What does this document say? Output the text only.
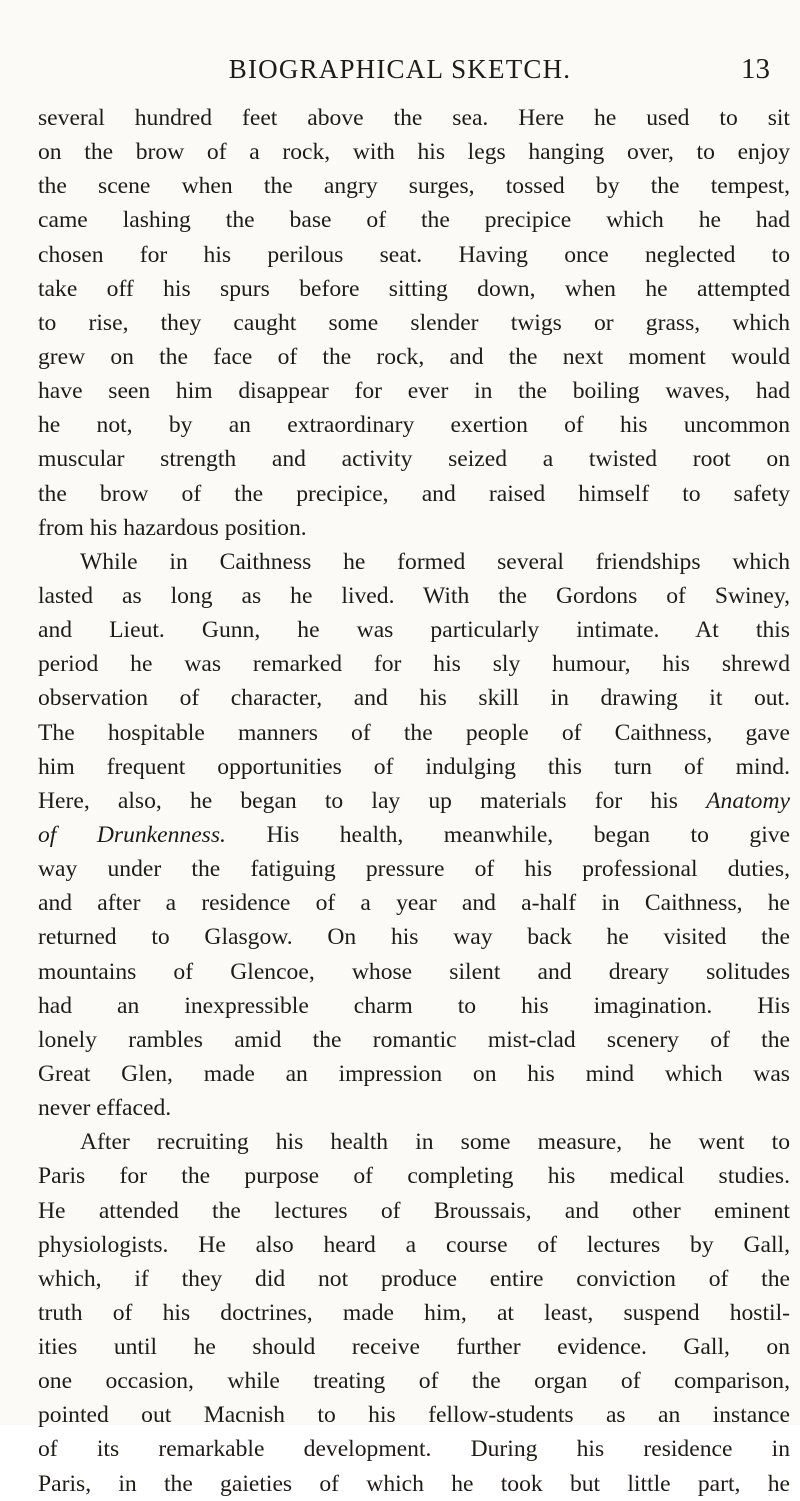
BIOGRAPHICAL SKETCH.	13
several hundred feet above the sea. Here he used to sit
on the brow of a rock, with his legs hanging over, to enjoy
the scene when the angry surges, tossed by the tempest,
came lashing the base of the precipice which he had
chosen for his perilous seat. Having once neglected to
take off his spurs before sitting down, when he attempted
to rise, they caught some slender twigs or grass, which
grew on the face of the rock, and the next moment would
have seen him disappear for ever in the boiling waves, had
he not, by an extraordinary exertion of his uncommon
muscular strength and activity seized a twisted root on
the brow of the precipice, and raised himself to safety
from his hazardous position.
While in Caithness he formed several friendships which
lasted as long as he lived. With the Gordons of Swiney,
and Lieut. Gunn, he was particularly intimate. At this
period he was remarked for his sly humour, his shrewd
observation of character, and his skill in drawing it out.
The hospitable manners of the people of Caithness, gave
him frequent opportunities of indulging this turn of mind.
Here, also, he began to lay up materials for his Anatomy
of Drunkenness. His health, meanwhile, began to give
way under the fatiguing pressure of his professional duties,
and after a residence of a year and a-half in Caithness, he
returned to Glasgow. On his way back he visited the
mountains of Glencoe, whose silent and dreary solitudes
had an inexpressible charm to his imagination. His
lonely rambles amid the romantic mist-clad scenery of the
Great Glen, made an impression on his mind which was
never effaced.
After recruiting his health in some measure, he went to
Paris for the purpose of completing his medical studies.
He attended the lectures of Broussais, and other eminent
physiologists. He also heard a course of lectures by Gall,
which, if they did not produce entire conviction of the
truth of his doctrines, made him, at least, suspend hostil-
ities until he should receive further evidence. Gall, on
one occasion, while treating of the organ of comparison,
pointed out Macnish to his fellow-students as an instance
of its remarkable development. During his residence in
Paris, in the gaieties of which he took but little part, he
